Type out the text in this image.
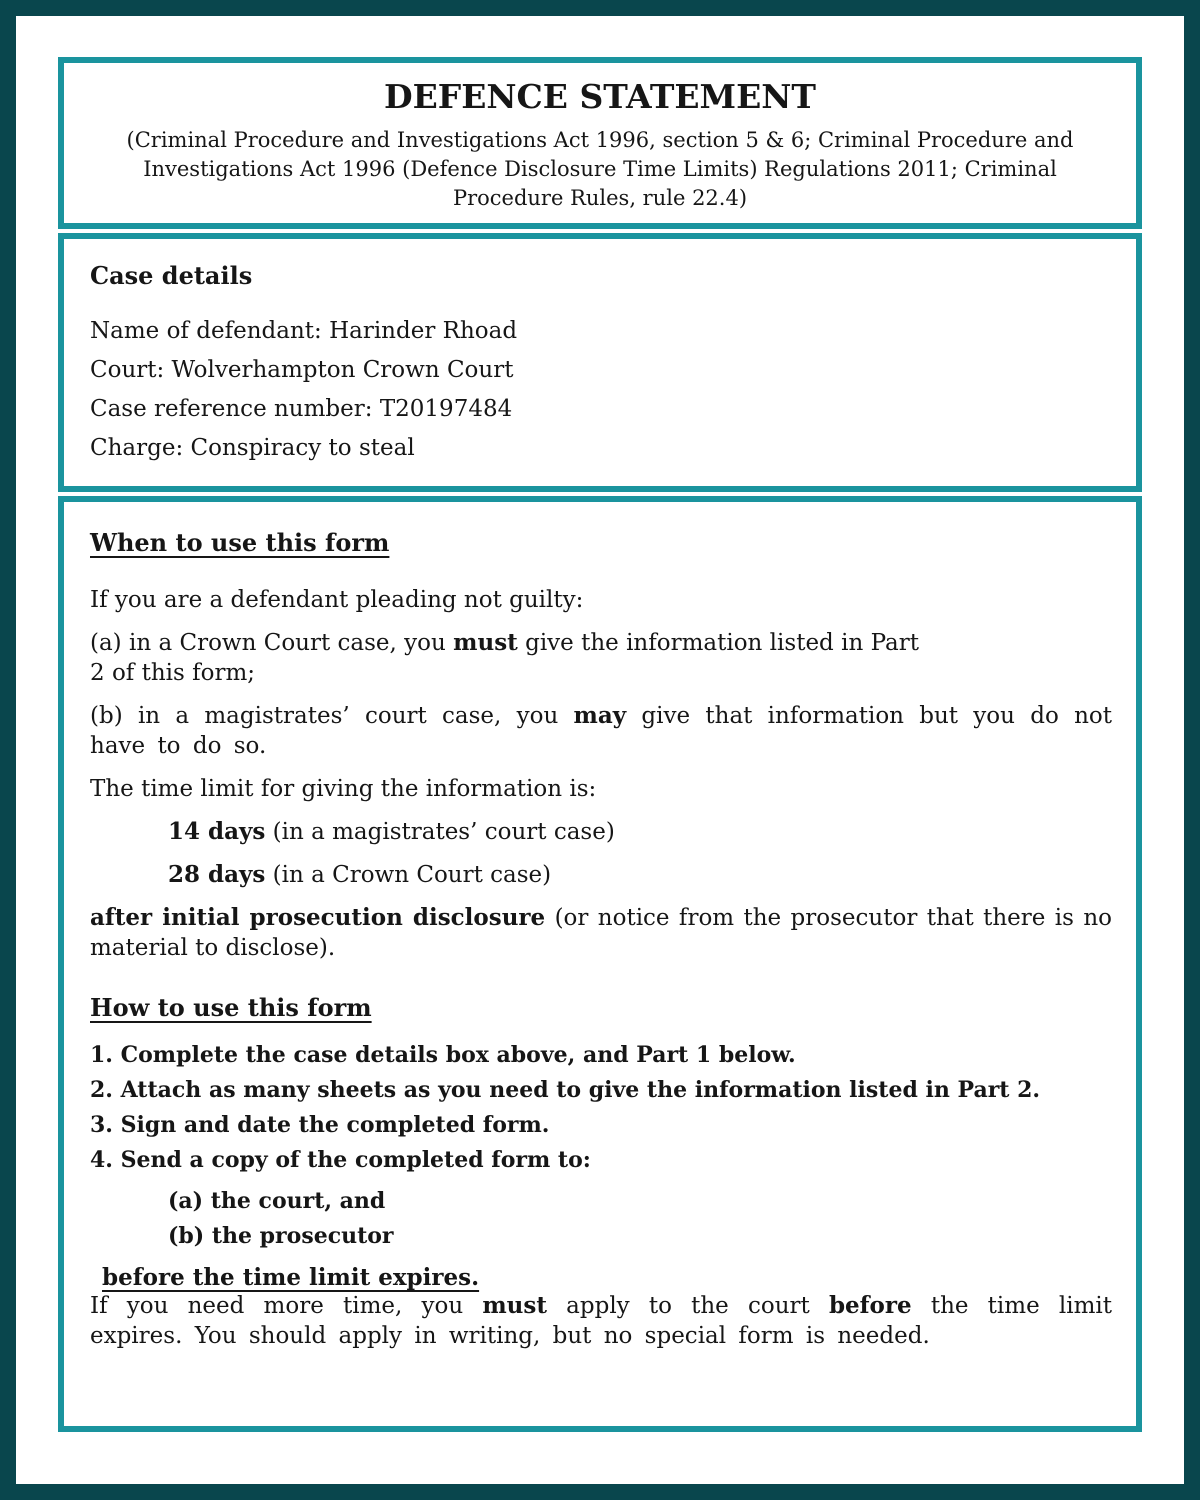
DEFENCE STATEMENT
(Criminal Procedure and Investigations Act 1996, section 5 & 6; Criminal Procedure and Investigations Act 1996 (Defence Disclosure Time Limits) Regulations 2011; Criminal Procedure Rules, rule 22.4)
Case details
Name of defendant: Harinder Rhoad
Court: Wolverhampton Crown Court
Case reference number: T20197484
Charge: Conspiracy to steal
When to use this form

If you are a defendant pleading not guilty:

(a) in a Crown Court case, you must give the information listed in Part
2 of this form;

(b) in a magistrates’ court case, you may give that information but you do not have to do so.

The time limit for giving the information is:

14 days (in a magistrates’ court case)

28 days (in a Crown Court case)

after initial prosecution disclosure (or notice from the prosecutor that there is no material to disclose).

How to use this form

1. Complete the case details box above, and Part 1 below.

2. Attach as many sheets as you need to give the information listed in Part 2.

3. Sign and date the completed form.

4. Send a copy of the completed form to:

(a) the court, and

(b) the prosecutor

before the time limit expires.

If you need more time, you must apply to the court before the time limit expires. You should apply in writing, but no special form is needed.
